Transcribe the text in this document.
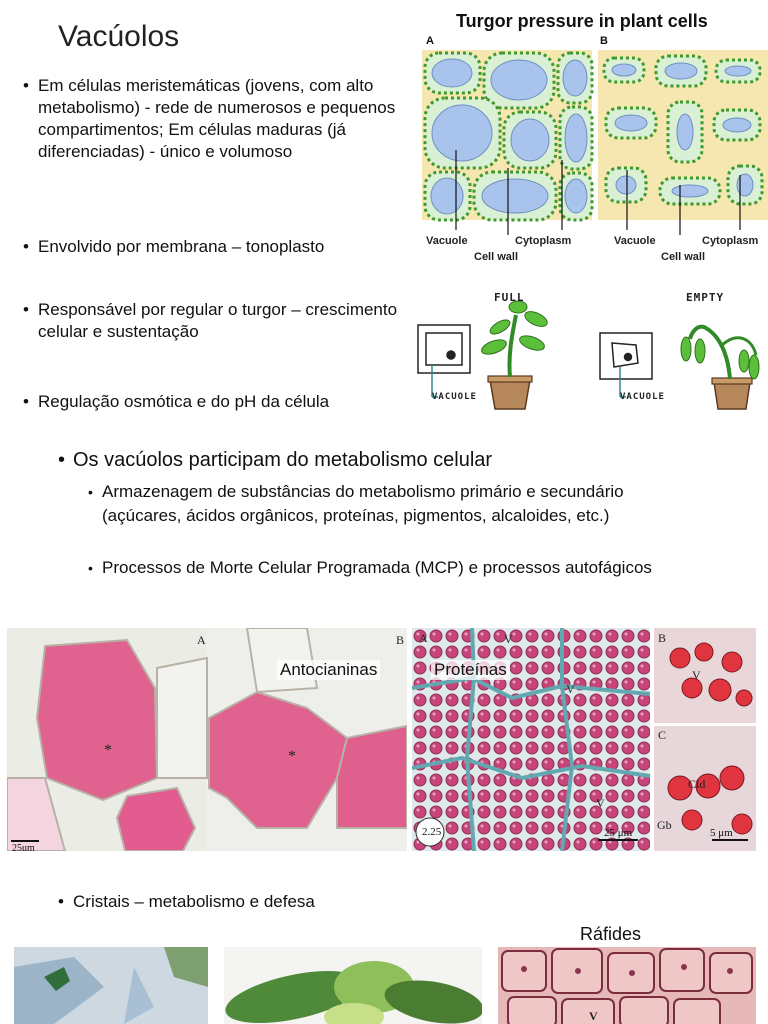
Vacúolos
• Em células meristemáticas (jovens, com alto metabolismo) - rede de numerosos e pequenos compartimentos; Em células maduras (já diferenciadas) - único e volumoso
• Envolvido por membrana – tonoplasto
• Responsável por regular o turgor – crescimento celular e sustentação
• Regulação osmótica e do pH da célula
Turgor pressure in plant cells
A	B
Vacuole	Cytoplasm
Cell wall
Vacuole	Cytoplasm
Cell wall
FULL	EMPTY
VACUOLE	VACUOLE
• Os vacúolos participam do metabolismo celular
• Armazenagem de substâncias do metabolismo primário e secundário (açúcares, ácidos orgânicos, proteínas, pigmentos, alcaloides, etc.)
• Processos de Morte Celular Programada (MCP) e processos autofágicos
A	B
*	*
25um
Antocianinas
A	B
C
V
V
V
V
Cld
Gb
2.25	25 μm	5 μm
Proteínas
• Cristais – metabolismo e defesa
Ráfides
V
